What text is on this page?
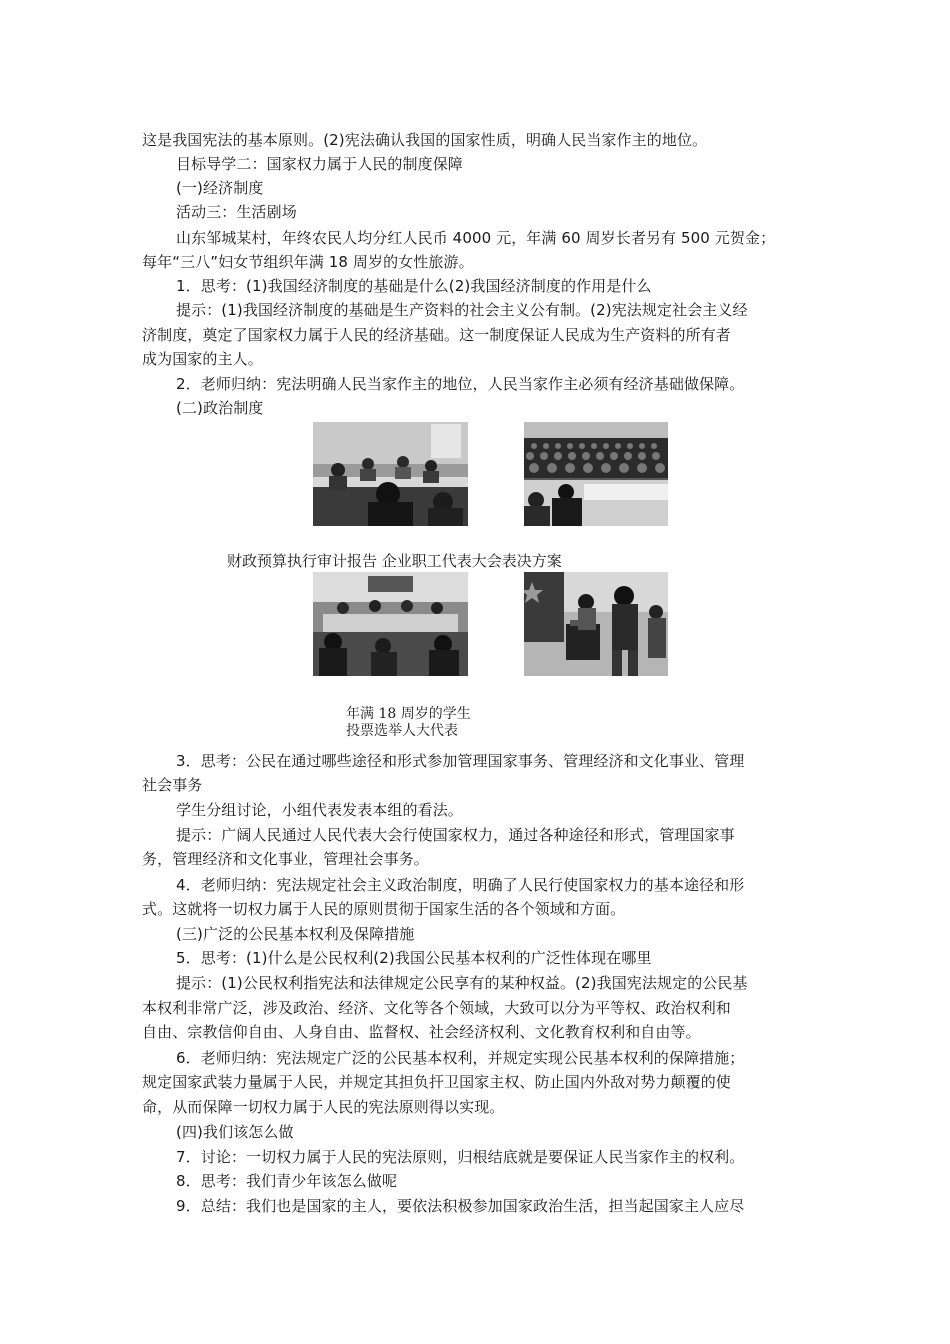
这是我国宪法的基本原则。(2)宪法确认我国的国家性质，明确人民当家作主的地位。
目标导学二：国家权力属于人民的制度保障
(一)经济制度
活动三：生活剧场
山东邹城某村，年终农民人均分红人民币 4000 元，年满 60 周岁长者另有 500 元贺金；
每年“三八”妇女节组织年满 18 周岁的女性旅游。
1．思考：(1)我国经济制度的基础是什么(2)我国经济制度的作用是什么
提示：(1)我国经济制度的基础是生产资料的社会主义公有制。(2)宪法规定社会主义经
济制度，奠定了国家权力属于人民的经济基础。这一制度保证人民成为生产资料的所有者
成为国家的主人。
2．老师归纳：宪法明确人民当家作主的地位，人民当家作主必须有经济基础做保障。
(二)政治制度
财政预算执行审计报告 企业职工代表大会表决方案
年满 18 周岁的学生
投票选举人大代表
3．思考：公民在通过哪些途径和形式参加管理国家事务、管理经济和文化事业、管理
社会事务
学生分组讨论，小组代表发表本组的看法。
提示：广阔人民通过人民代表大会行使国家权力，通过各种途径和形式，管理国家事
务，管理经济和文化事业，管理社会事务。
4．老师归纳：宪法规定社会主义政治制度，明确了人民行使国家权力的基本途径和形
式。这就将一切权力属于人民的原则贯彻于国家生活的各个领域和方面。
(三)广泛的公民基本权利及保障措施
5．思考：(1)什么是公民权利(2)我国公民基本权利的广泛性体现在哪里
提示：(1)公民权利指宪法和法律规定公民享有的某种权益。(2)我国宪法规定的公民基
本权利非常广泛，涉及政治、经济、文化等各个领域，大致可以分为平等权、政治权利和
自由、宗教信仰自由、人身自由、监督权、社会经济权利、文化教育权利和自由等。
6．老师归纳：宪法规定广泛的公民基本权利，并规定实现公民基本权利的保障措施；
规定国家武装力量属于人民，并规定其担负扞卫国家主权、防止国内外敌对势力颠覆的使
命，从而保障一切权力属于人民的宪法原则得以实现。
(四)我们该怎么做
7．讨论：一切权力属于人民的宪法原则，归根结底就是要保证人民当家作主的权利。
8．思考：我们青少年该怎么做呢
9．总结：我们也是国家的主人，要依法积极参加国家政治生活，担当起国家主人应尽
